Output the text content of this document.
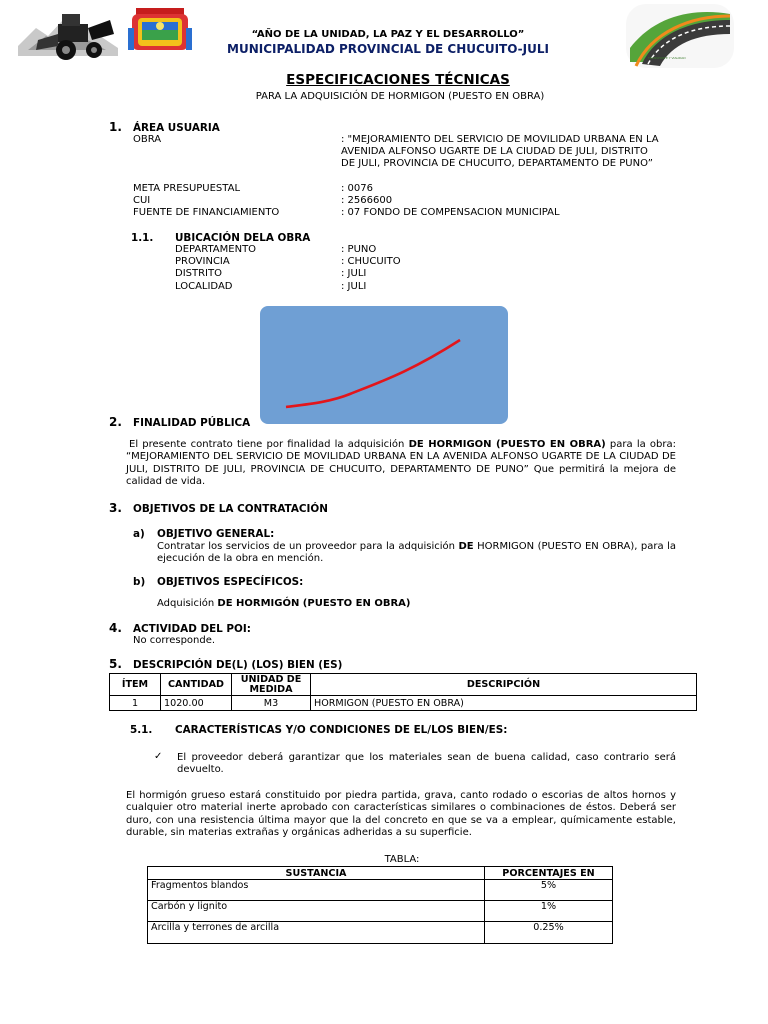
“AÑO DE LA UNIDAD, LA PAZ Y EL DESARROLLO”
MUNICIPALIDAD PROVINCIAL DE CHUCUITO-JULI
TRANSPORTE Y VIALIDAD
ESPECIFICACIONES TÉCNICAS
PARA LA ADQUISICIÓN DE HORMIGON (PUESTO EN OBRA)
1. ÁREA USUARIA
OBRA	: "MEJORAMIENTO DEL SERVICIO DE MOVILIDAD URBANA EN LA
AVENIDA ALFONSO UGARTE DE LA CIUDAD DE JULI, DISTRITO
DE JULI, PROVINCIA DE CHUCUITO, DEPARTAMENTO DE PUNO”
META PRESUPUESTAL	: 0076
CUI	: 2566600
FUENTE DE FINANCIAMIENTO	: 07 FONDO DE COMPENSACION MUNICIPAL
1.1. UBICACIÓN DELA OBRA
DEPARTAMENTO	: PUNO
PROVINCIA	: CHUCUITO
DISTRITO	: JULI
LOCALIDAD	: JULI
2. FINALIDAD PÚBLICA
El presente contrato tiene por finalidad la adquisición DE HORMIGON (PUESTO EN OBRA) para la obra: “MEJORAMIENTO DEL SERVICIO DE MOVILIDAD URBANA EN LA AVENIDA ALFONSO UGARTE DE LA CIUDAD DE JULI, DISTRITO DE JULI, PROVINCIA DE CHUCUITO, DEPARTAMENTO DE PUNO” Que permitirá la mejora de calidad de vida.
3. OBJETIVOS DE LA CONTRATACIÓN
a) OBJETIVO GENERAL:
Contratar los servicios de un proveedor para la adquisición DE HORMIGON (PUESTO EN OBRA), para la ejecución de la obra en mención.
b) OBJETIVOS ESPECÍFICOS:
Adquisición DE HORMIGÓN (PUESTO EN OBRA)
4. ACTIVIDAD DEL POI:
No corresponde.
5. DESCRIPCIÓN DE(L) (LOS) BIEN (ES)
ÍTEM	CANTIDAD	UNIDAD DE MEDIDA	DESCRIPCIÓN
1	1020.00	M3	HORMIGON (PUESTO EN OBRA)
5.1. CARACTERÍSTICAS Y/O CONDICIONES DE EL/LOS BIEN/ES:
✓ El proveedor deberá garantizar que los materiales sean de buena calidad, caso contrario será devuelto.
El hormigón grueso estará constituido por piedra partida, grava, canto rodado o escorias de altos hornos y cualquier otro material inerte aprobado con características similares o combinaciones de éstos. Deberá ser duro, con una resistencia última mayor que la del concreto en que se va a emplear, químicamente estable, durable, sin materias extrañas y orgánicas adheridas a su superficie.
TABLA:
SUSTANCIA	PORCENTAJES EN
Fragmentos blandos	5%
Carbón y lignito	1%
Arcilla y terrones de arcilla	0.25%
